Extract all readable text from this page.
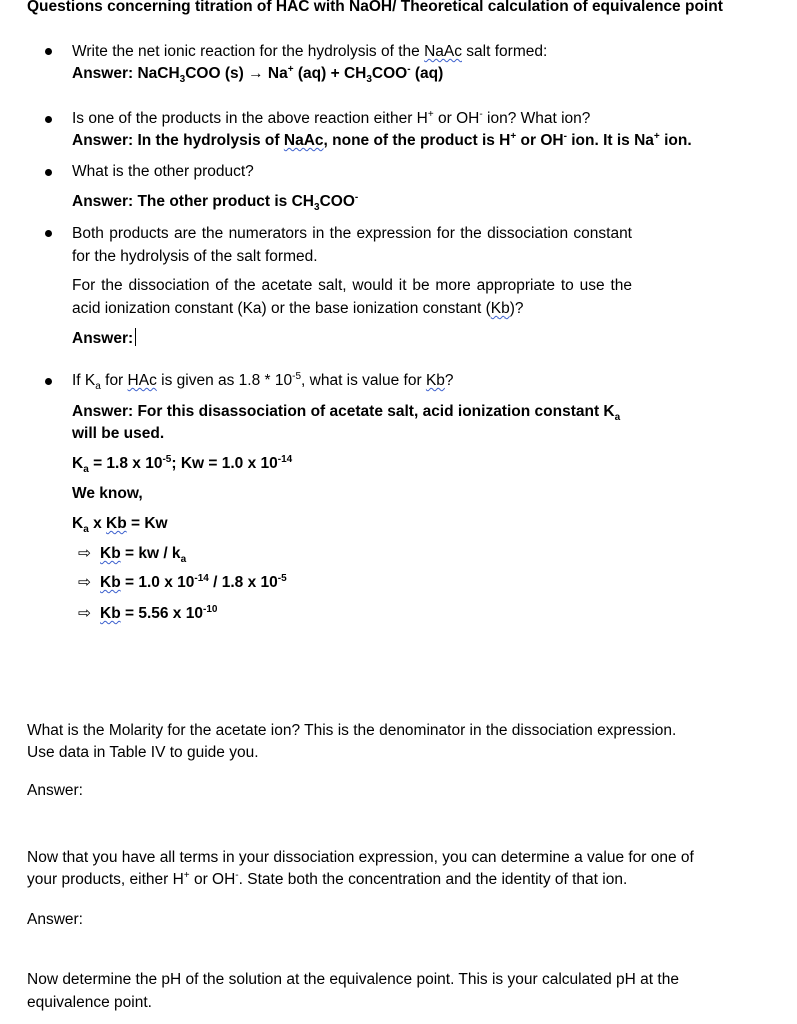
Questions concerning titration of HAC with NaOH/ Theoretical calculation of equivalence point
Write the net ionic reaction for the hydrolysis of the NaAc salt formed:
Answer: NaCH$_3$COO (s) → Na+ $(aq) + CH_3COO^-$ (aq)
Is one of the products in the above reaction either H+ or OH- ion? What ion?
Answer: In the hydrolysis of NaAc, none of the product is H+ or OH- ion. It is Na+ ion.
What is the other product?
Answer: The other product is $CH_3COO^-$
Both products are the numerators in the expression for the dissociation constant for the hydrolysis of the salt formed.
For the dissociation of the acetate salt, would it be more appropriate to use the acid ionization constant (Ka) or the base ionization constant (Kb)?
Answer:
If $K_a$ for HAc is given as $1.8 * 10^{-5}$, what is value for Kb?
Answer: For this disassociation of acetate salt, acid ionization constant $K_a$
will be used.
$K_a = 1.8$ x $10^{-5}$; Kw = 1.0 x $10^{-14}$
We know,
$K_a$ x Kb = Kw
⇨ Kb = kw / $k_a$
⇨ Kb = 1.0 x $10^{-14} / 1.8$ x $10^{-5}$
⇨ Kb = 5.56 x $10^{-10}$
What is the Molarity for the acetate ion? This is the denominator in the dissociation expression.
Use data in Table IV to guide you.
Answer:
Now that you have all terms in your dissociation expression, you can determine a value for one of
your products, either H+ or OH-. State both the concentration and the identity of that ion.
Answer:
Now determine the pH of the solution at the equivalence point. This is your calculated pH at the
equivalence point.
